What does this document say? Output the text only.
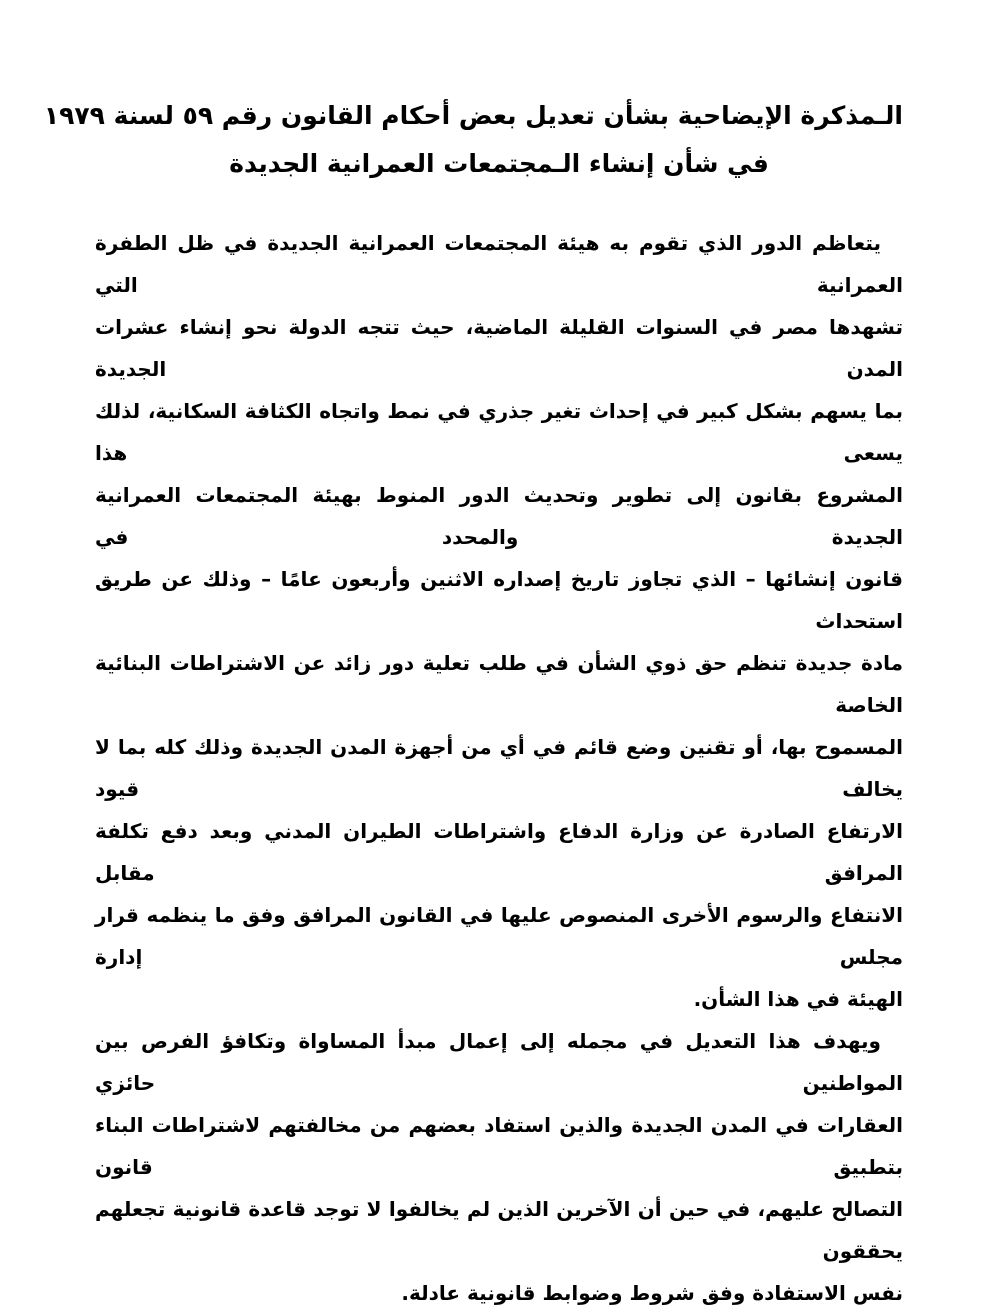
الـمذكرة الإيضاحية بشأن تعديل بعض أحكام القانون رقم ٥٩ لسنة ١٩٧٩
في شأن إنشاء الـمجتمعات العمرانية الجديدة
يتعاظم الدور الذي تقوم به هيئة المجتمعات العمرانية الجديدة في ظل الطفرة العمرانية التي
تشهدها مصر في السنوات القليلة الماضية، حيث تتجه الدولة نحو إنشاء عشرات المدن الجديدة
بما يسهم بشكل كبير في إحداث تغير جذري في نمط واتجاه الكثافة السكانية، لذلك يسعى هذا
المشروع بقانون إلى تطوير وتحديث الدور المنوط بهيئة المجتمعات العمرانية الجديدة والمحدد في
قانون إنشائها – الذي تجاوز تاريخ إصداره الاثنين وأربعون عامًا – وذلك عن طريق استحداث
مادة جديدة تنظم حق ذوي الشأن في طلب تعلية دور زائد عن الاشتراطات البنائية الخاصة
المسموح بها، أو تقنين وضع قائم في أي من أجهزة المدن الجديدة وذلك كله بما لا يخالف قيود
الارتفاع الصادرة عن وزارة الدفاع واشتراطات الطيران المدني وبعد دفع تكلفة المرافق مقابل
الانتفاع والرسوم الأخرى المنصوص عليها في القانون المرافق وفق ما ينظمه قرار مجلس إدارة
الهيئة في هذا الشأن.
ويهدف هذا التعديل في مجمله إلى إعمال مبدأ المساواة وتكافؤ الفرص بين المواطنين حائزي
العقارات في المدن الجديدة والذين استفاد بعضهم من مخالفتهم لاشتراطات البناء بتطبيق قانون
التصالح عليهم، في حين أن الآخرين الذين لم يخالفوا لا توجد قاعدة قانونية تجعلهم يحققون
نفس الاستفادة وفق شروط وضوابط قانونية عادلة.
